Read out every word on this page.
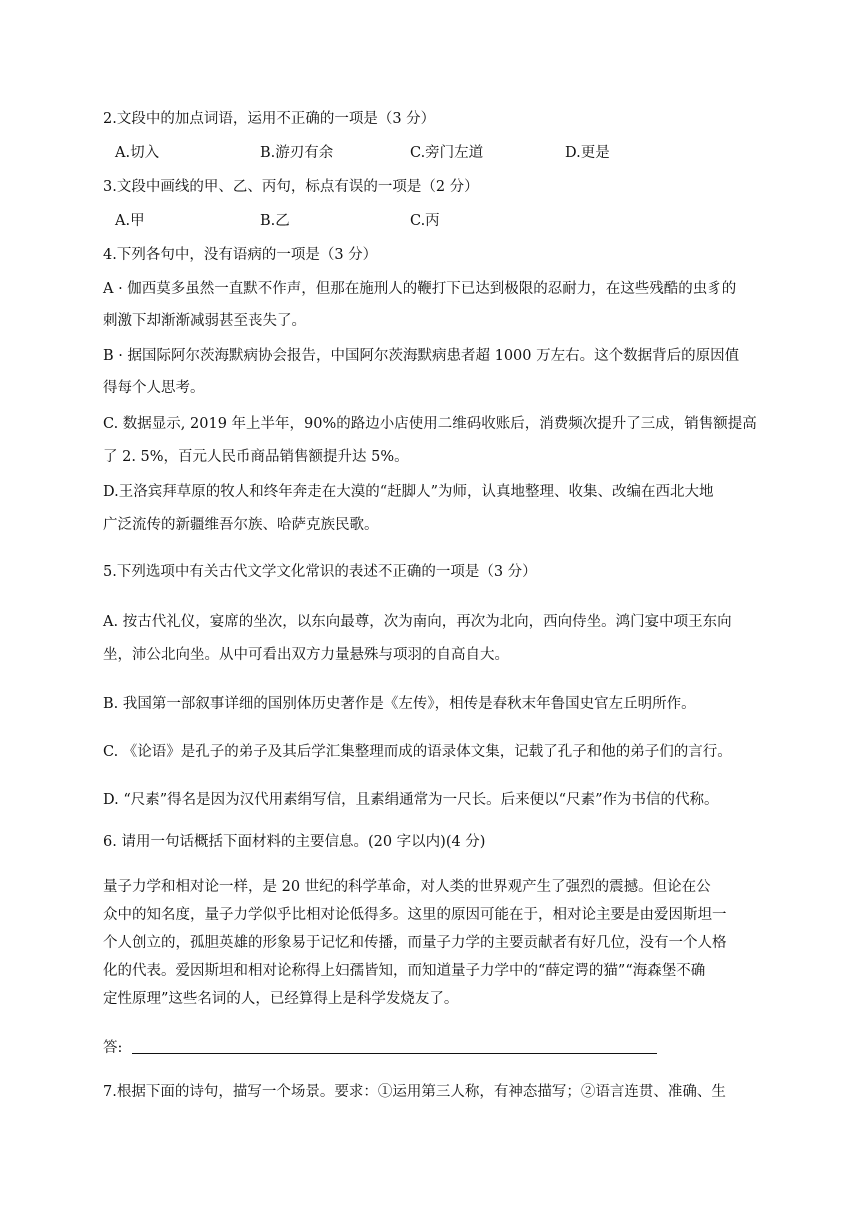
2.文段中的加点词语，运用不正确的一项是（3 分）
A.切入	B.游刃有余	C.旁门左道	D.更是
3.文段中画线的甲、乙、丙句，标点有误的一项是（2 分）
A.甲	B.乙	C.丙
4.下列各句中，没有语病的一项是（3 分）
A · 伽西莫多虽然一直默不作声，但那在施刑人的鞭打下已达到极限的忍耐力，在这些残酷的虫豸的
刺激下却渐渐减弱甚至丧失了。
B · 据国际阿尔茨海默病协会报告，中国阿尔茨海默病患者超 1000 万左右。这个数据背后的原因值
得每个人思考。
C. 数据显示, 2019 年上半年，90%的路边小店使用二维码收账后，消费频次提升了三成，销售额提高
了 2. 5%，百元人民币商品销售额提升达 5%。
D.王洛宾拜草原的牧人和终年奔走在大漠的“赶脚人”为师，认真地整理、收集、改编在西北大地
广泛流传的新疆维吾尔族、哈萨克族民歌。
5.下列选项中有关古代文学文化常识的表述不正确的一项是（3 分）
A. 按古代礼仪，宴席的坐次，以东向最尊，次为南向，再次为北向，西向侍坐。鸿门宴中项王东向
坐，沛公北向坐。从中可看出双方力量悬殊与项羽的自高自大。
B. 我国第一部叙事详细的国别体历史著作是《左传》，相传是春秋末年鲁国史官左丘明所作。
C. 《论语》是孔子的弟子及其后学汇集整理而成的语录体文集，记载了孔子和他的弟子们的言行。
D. “尺素”得名是因为汉代用素绢写信，且素绢通常为一尺长。后来便以“尺素”作为书信的代称。
6. 请用一句话概括下面材料的主要信息。(20 字以内)(4 分)
量子力学和相对论一样，是 20 世纪的科学革命，对人类的世界观产生了强烈的震撼。但论在公
众中的知名度，量子力学似乎比相对论低得多。这里的原因可能在于，相对论主要是由爱因斯坦一
个人创立的，孤胆英雄的形象易于记忆和传播，而量子力学的主要贡献者有好几位，没有一个人格
化的代表。爱因斯坦和相对论称得上妇孺皆知，而知道量子力学中的“薛定谔的猫”“海森堡不确
定性原理”这些名词的人，已经算得上是科学发烧友了。
答:
7.根据下面的诗句，描写一个场景。要求：①运用第三人称，有神态描写；②语言连贯、准确、生
